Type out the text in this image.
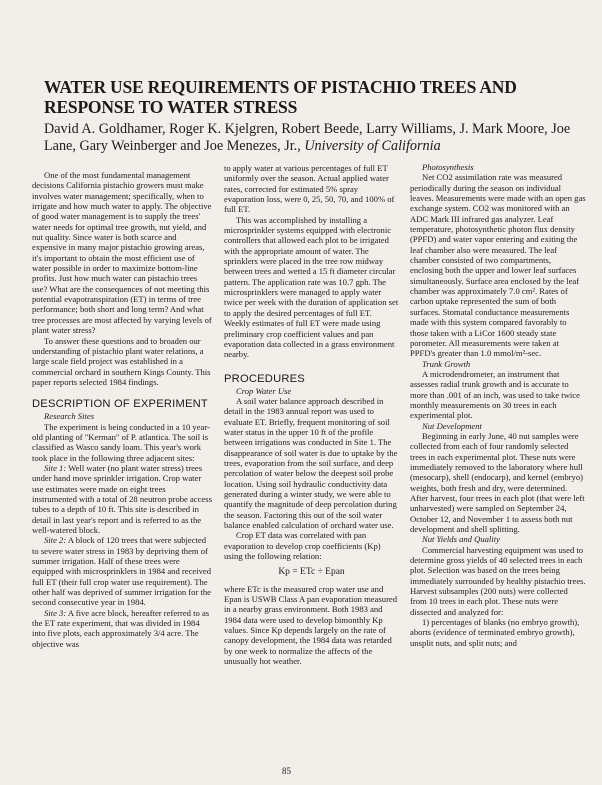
WATER USE REQUIREMENTS OF PISTACHIO TREES AND RESPONSE TO WATER STRESS

David A. Goldhamer, Roger K. Kjelgren, Robert Beede, Larry Williams, J. Mark Moore, Joe Lane, Gary Weinberger and Joe Menezes, Jr., University of California

One of the most fundamental management decisions California pistachio growers must make involves water management; specifically, when to irrigate and how much water to apply. The objective of good water management is to supply the trees' water needs for optimal tree growth, nut yield, and nut quality. Since water is both scarce and expensive in many major pistachio growing areas, it's important to obtain the most efficient use of water possible in order to maximize bottom-line profits. Just how much water can pistachio trees use? What are the consequences of not meeting this potential evapotranspiration (ET) in terms of tree performance; both short and long term? And what tree processes are most affected by varying levels of plant water stress?

To answer these questions and to broaden our understanding of pistachio plant water relations, a large scale field project was established in a commercial orchard in southern Kings County. This paper reports selected 1984 findings.

DESCRIPTION OF EXPERIMENT

Research Sites

The experiment is being conducted in a 10 year-old planting of "Kerman" of P. atlantica. The soil is classified as Wasco sandy loam. This year's work took place in the following three adjacent sites:

Site 1: Well water (no plant water stress) trees under hand move sprinkler irrigation. Crop water use estimates were made on eight trees instrumented with a total of 28 neutron probe access tubes to a depth of 10 ft. This site is described in detail in last year's report and is referred to as the well-watered block.

Site 2: A block of 120 trees that were subjected to severe water stress in 1983 by depriving them of summer irrigation. Half of these trees were equipped with microsprinklers in 1984 and received full ET (their full crop water use requirement). The other half was deprived of summer irrigation for the second consecutive year in 1984.

Site 3: A five acre block, hereafter referred to as the ET rate experiment, that was divided in 1984 into five plots, each approximately 3/4 acre. The objective was

to apply water at various percentages of full ET uniformly over the season. Actual applied water rates, corrected for estimated 5% spray evaporation loss, were 0, 25, 50, 70, and 100% of full ET.

This was accomplished by installing a microsprinkler systems equipped with electronic controllers that allowed each plot to be irrigated with the appropriate amount of water. The sprinklers were placed in the tree row midway between trees and wetted a 15 ft diameter circular pattern. The application rate was 10.7 gph. The microsprinklers were managed to apply water twice per week with the duration of application set to apply the desired percentages of full ET. Weekly estimates of full ET were made using preliminary crop coefficient values and pan evaporation data collected in a grass environment nearby.

PROCEDURES

Crop Water Use

A soil water balance approach described in detail in the 1983 annual report was used to evaluate ET. Briefly, frequent monitoring of soil water status in the upper 10 ft of the profile between irrigations was conducted in Site 1. The disappearance of soil water is due to uptake by the trees, evaporation from the soil surface, and deep percolation of water below the deepest soil probe location. Using soil hydraulic conductivity data generated during a winter study, we were able to quantify the magnitude of deep percolation during the season. Factoring this out of the soil water balance enabled calculation of orchard water use.

Crop ET data was correlated with pan evaporation to develop crop coefficients (Kp) using the following relation:

Kp = ETc ÷ Epan

where ETc is the measured crop water use and Epan is USWB Class A pan evaporation measured in a nearby grass environment. Both 1983 and 1984 data were used to develop bimonthly Kp values. Since Kp depends largely on the rate of canopy development, the 1984 data was retarded by one week to normalize the affects of the unusually hot weather.

Photosynthesis

Net CO2 assimilation rate was measured periodically during the season on individual leaves. Measurements were made with an open gas exchange system. CO2 was monitored with an ADC Mark III infrared gas analyzer. Leaf temperature, photosynthetic photon flux density (PPFD) and water vapor entering and exiting the leaf chamber also were measured. The leaf chamber consisted of two compartments, enclosing both the upper and lower leaf surfaces simultaneously. Surface area enclosed by the leaf chamber was approximately 7.0 cm². Rates of carbon uptake represented the sum of both surfaces. Stomatal conductance measurements made with this system compared favorably to those taken with a LiCor 1600 steady state porometer. All measurements were taken at PPFD's greater than 1.0 mmol/m²-sec.

Trunk Growth

A microdendrometer, an instrument that assesses radial trunk growth and is accurate to more than .001 of an inch, was used to take twice monthly measurements on 30 trees in each experimental plot.

Nut Development

Beginning in early June, 40 nut samples were collected from each of four randomly selected trees in each experimental plot. These nuts were immediately removed to the laboratory where hull (mesocarp), shell (endocarp), and kernel (embryo) weights, both fresh and dry, were determined. After harvest, four trees in each plot (that were left unharvested) were sampled on September 24, October 12, and November 1 to assess both nut development and shell splitting.

Nut Yields and Quality

Commercial harvesting equipment was used to determine gross yields of 40 selected trees in each plot. Selection was based on the trees being immediately surrounded by healthy pistachio trees. Harvest subsamples (200 nuts) were collected from 10 trees in each plot. These nuts were dissected and analyzed for:

1) percentages of blanks (no embryo growth), aborts (evidence of terminated embryo growth), unsplit nuts, and split nuts; and

85
